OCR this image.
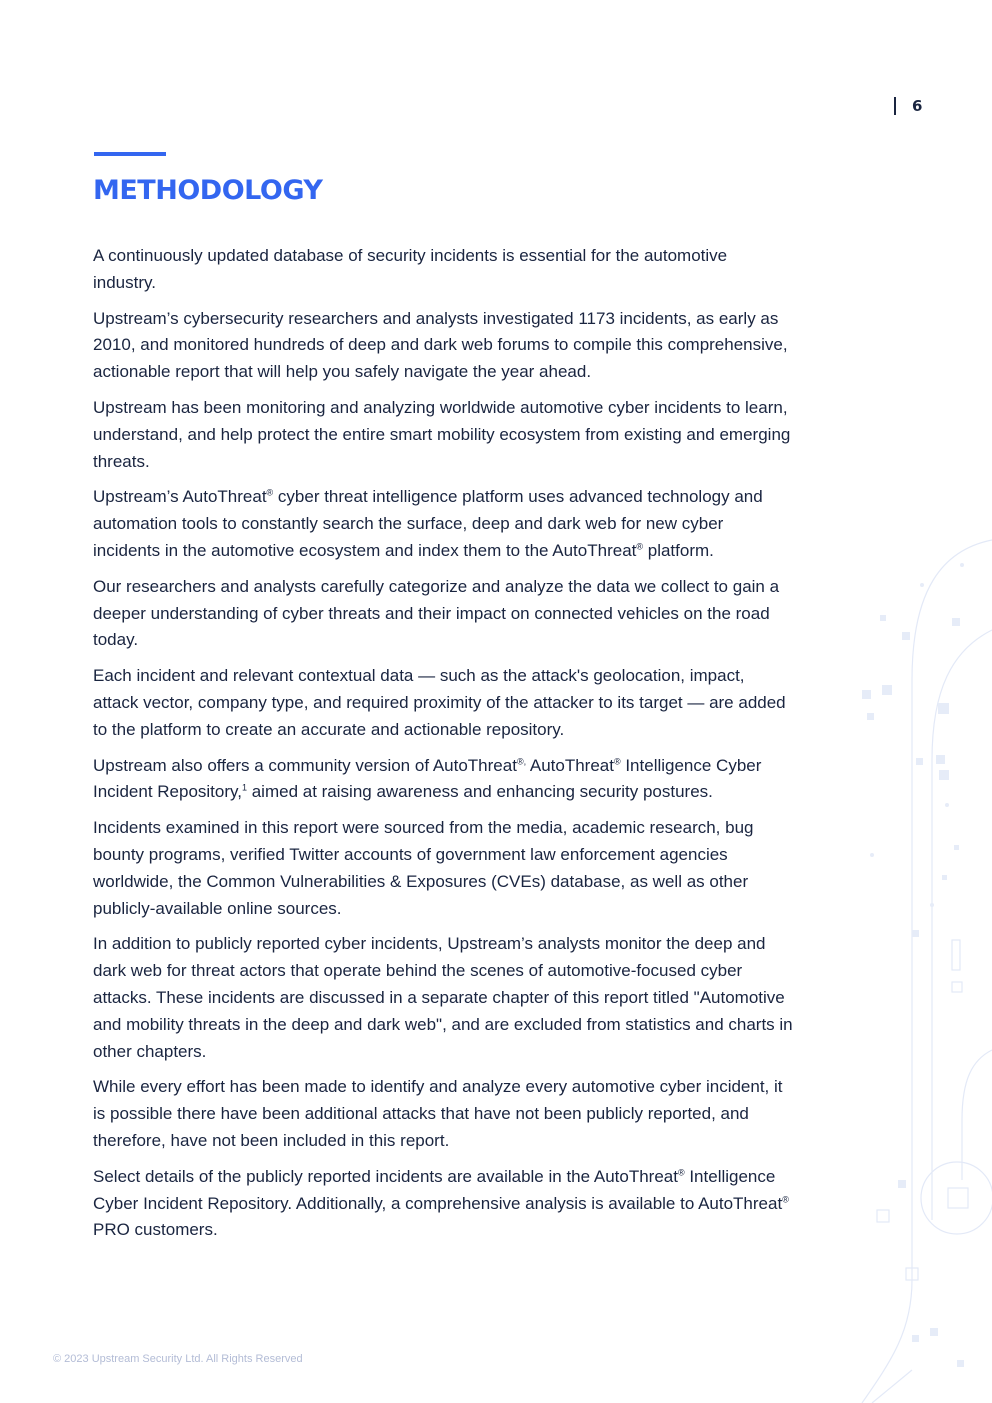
6
METHODOLOGY

A continuously updated database of security incidents is essential for the automotive industry.

Upstream’s cybersecurity researchers and analysts investigated 1173 incidents, as early as 2010, and monitored hundreds of deep and dark web forums to compile this comprehensive, actionable report that will help you safely navigate the year ahead.

Upstream has been monitoring and analyzing worldwide automotive cyber incidents to learn, understand, and help protect the entire smart mobility ecosystem from existing and emerging threats.

Upstream’s AutoThreat® cyber threat intelligence platform uses advanced technology and automation tools to constantly search the surface, deep and dark web for new cyber incidents in the automotive ecosystem and index them to the AutoThreat® platform.

Our researchers and analysts carefully categorize and analyze the data we collect to gain a deeper understanding of cyber threats and their impact on connected vehicles on the road today.

Each incident and relevant contextual data — such as the attack's geolocation, impact, attack vector, company type, and required proximity of the attacker to its target — are added to the platform to create an accurate and actionable repository.

Upstream also offers a community version of AutoThreat®, AutoThreat® Intelligence Cyber Incident Repository,$^1$ aimed at raising awareness and enhancing security postures.

Incidents examined in this report were sourced from the media, academic research, bug bounty programs, verified Twitter accounts of government law enforcement agencies worldwide, the Common Vulnerabilities & Exposures (CVEs) database, as well as other publicly-available online sources.

In addition to publicly reported cyber incidents, Upstream’s analysts monitor the deep and dark web for threat actors that operate behind the scenes of automotive-focused cyber attacks. These incidents are discussed in a separate chapter of this report titled "Automotive and mobility threats in the deep and dark web", and are excluded from statistics and charts in other chapters.

While every effort has been made to identify and analyze every automotive cyber incident, it is possible there have been additional attacks that have not been publicly reported, and therefore, have not been included in this report.

Select details of the publicly reported incidents are available in the AutoThreat® Intelligence Cyber Incident Repository. Additionally, a comprehensive analysis is available to AutoThreat® PRO customers.

© 2023 Upstream Security Ltd. All Rights Reserved
